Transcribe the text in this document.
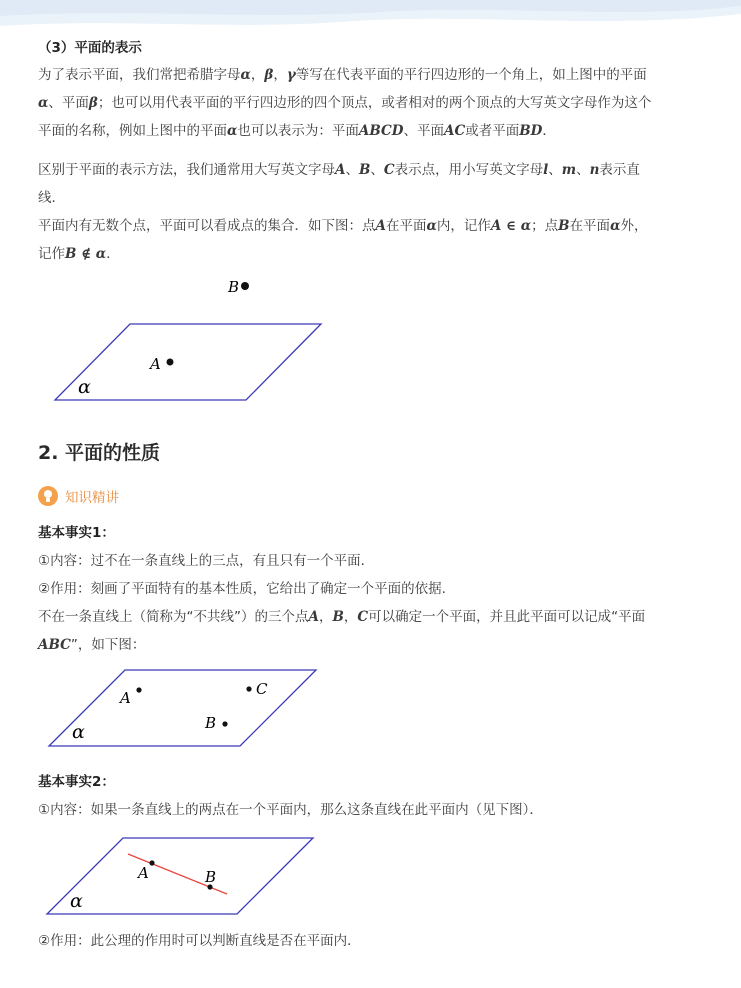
（3）平面的表示
为了表示平面，我们常把希腊字母α，β，γ等写在代表平面的平行四边形的一个角上，如上图中的平面
α、平面β；也可以用代表平面的平行四边形的四个顶点，或者相对的两个顶点的大写英文字母作为这个
平面的名称，例如上图中的平面α也可以表示为：平面ABCD、平面AC或者平面BD．
区别于平面的表示方法，我们通常用大写英文字母A、B、C表示点，用小写英文字母l、m、n表示直
线．
平面内有无数个点，平面可以看成点的集合．如下图：点A在平面α内，记作A ∈ α；点B在平面α外，
记作B ∉ α．
B
A
α
2. 平面的性质
知识精讲
基本事实1：
①内容：过不在一条直线上的三点，有且只有一个平面．
②作用：刻画了平面特有的基本性质，它给出了确定一个平面的依据.
不在一条直线上（简称为“不共线”）的三个点A，B，C可以确定一个平面，并且此平面可以记成“平面
ABC”，如下图：
A	C
B
α
基本事实2：
①内容：如果一条直线上的两点在一个平面内，那么这条直线在此平面内（见下图）．
A	B
α
②作用：此公理的作用时可以判断直线是否在平面内．
